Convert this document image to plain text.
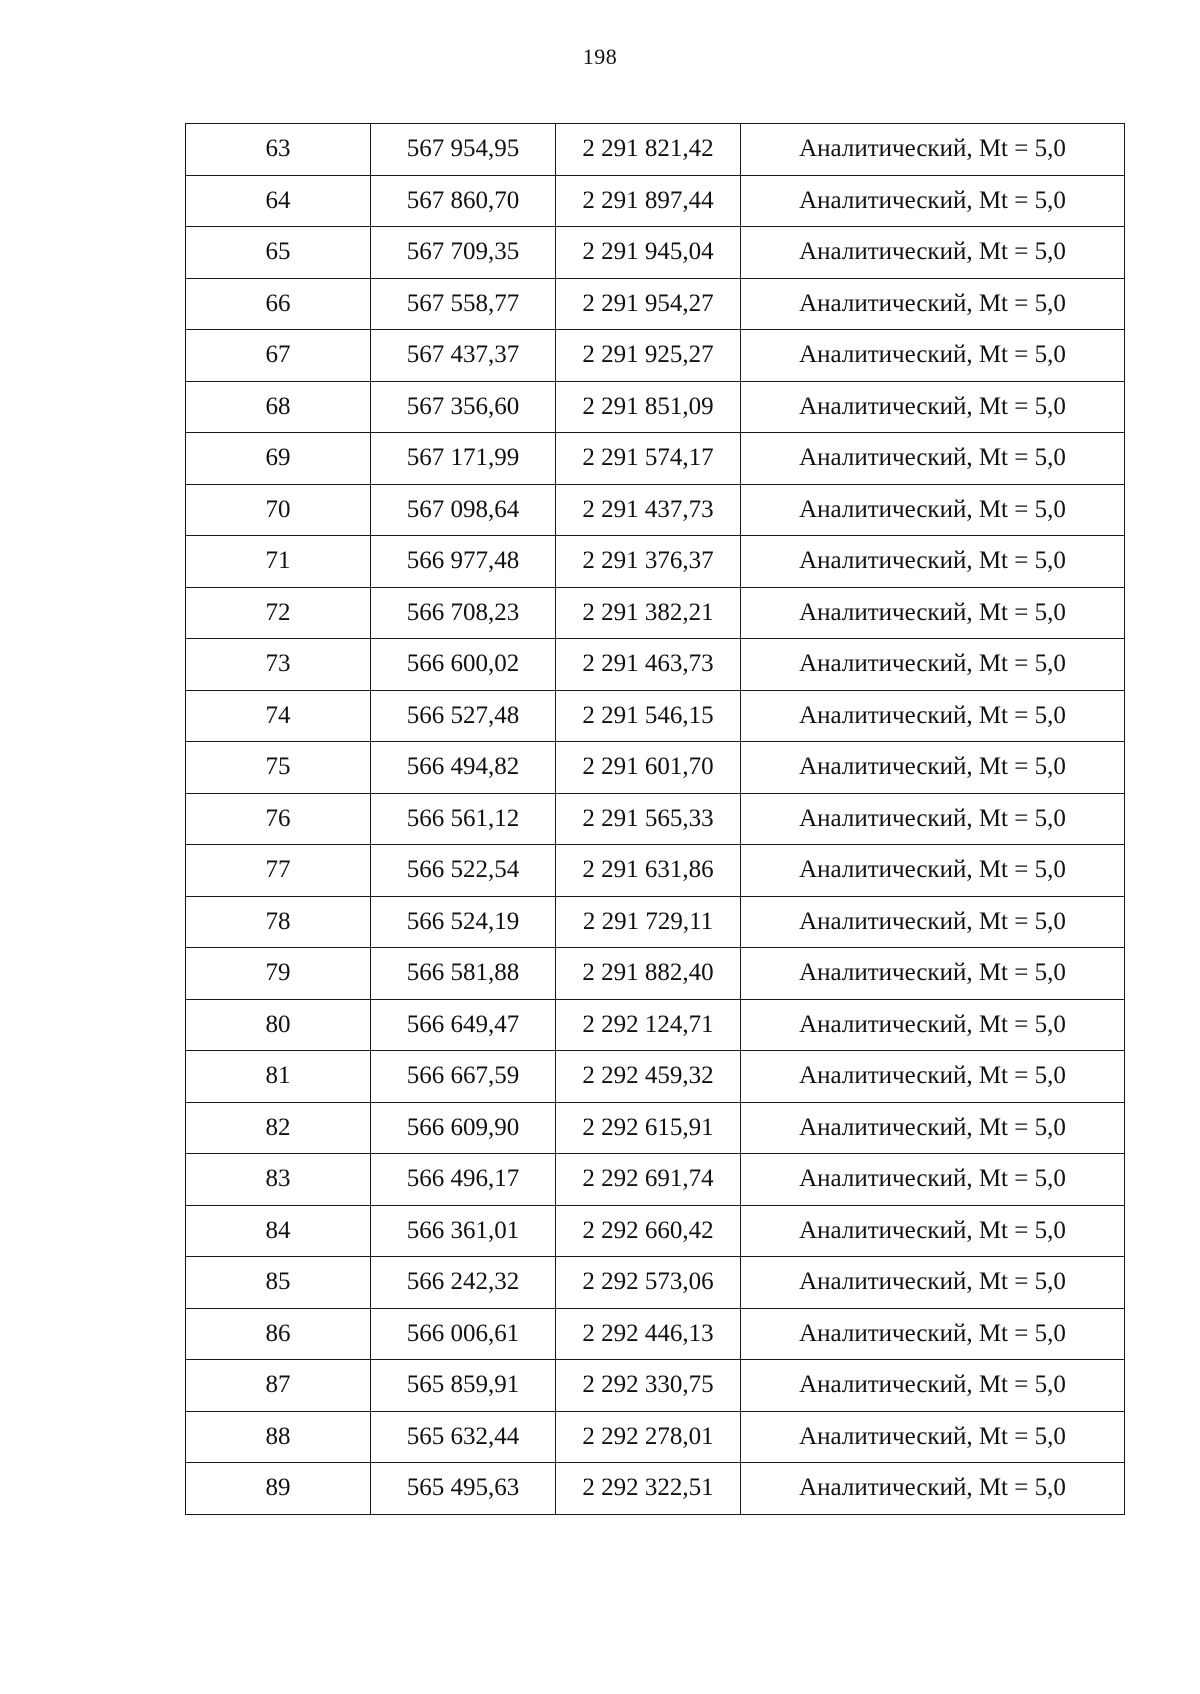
198
63	567 954,95	2 291 821,42	Аналитический, Mt = 5,0
64	567 860,70	2 291 897,44	Аналитический, Mt = 5,0
65	567 709,35	2 291 945,04	Аналитический, Mt = 5,0
66	567 558,77	2 291 954,27	Аналитический, Mt = 5,0
67	567 437,37	2 291 925,27	Аналитический, Mt = 5,0
68	567 356,60	2 291 851,09	Аналитический, Mt = 5,0
69	567 171,99	2 291 574,17	Аналитический, Mt = 5,0
70	567 098,64	2 291 437,73	Аналитический, Mt = 5,0
71	566 977,48	2 291 376,37	Аналитический, Mt = 5,0
72	566 708,23	2 291 382,21	Аналитический, Mt = 5,0
73	566 600,02	2 291 463,73	Аналитический, Mt = 5,0
74	566 527,48	2 291 546,15	Аналитический, Mt = 5,0
75	566 494,82	2 291 601,70	Аналитический, Mt = 5,0
76	566 561,12	2 291 565,33	Аналитический, Mt = 5,0
77	566 522,54	2 291 631,86	Аналитический, Mt = 5,0
78	566 524,19	2 291 729,11	Аналитический, Mt = 5,0
79	566 581,88	2 291 882,40	Аналитический, Mt = 5,0
80	566 649,47	2 292 124,71	Аналитический, Mt = 5,0
81	566 667,59	2 292 459,32	Аналитический, Mt = 5,0
82	566 609,90	2 292 615,91	Аналитический, Mt = 5,0
83	566 496,17	2 292 691,74	Аналитический, Mt = 5,0
84	566 361,01	2 292 660,42	Аналитический, Mt = 5,0
85	566 242,32	2 292 573,06	Аналитический, Mt = 5,0
86	566 006,61	2 292 446,13	Аналитический, Mt = 5,0
87	565 859,91	2 292 330,75	Аналитический, Mt = 5,0
88	565 632,44	2 292 278,01	Аналитический, Mt = 5,0
89	565 495,63	2 292 322,51	Аналитический, Mt = 5,0
